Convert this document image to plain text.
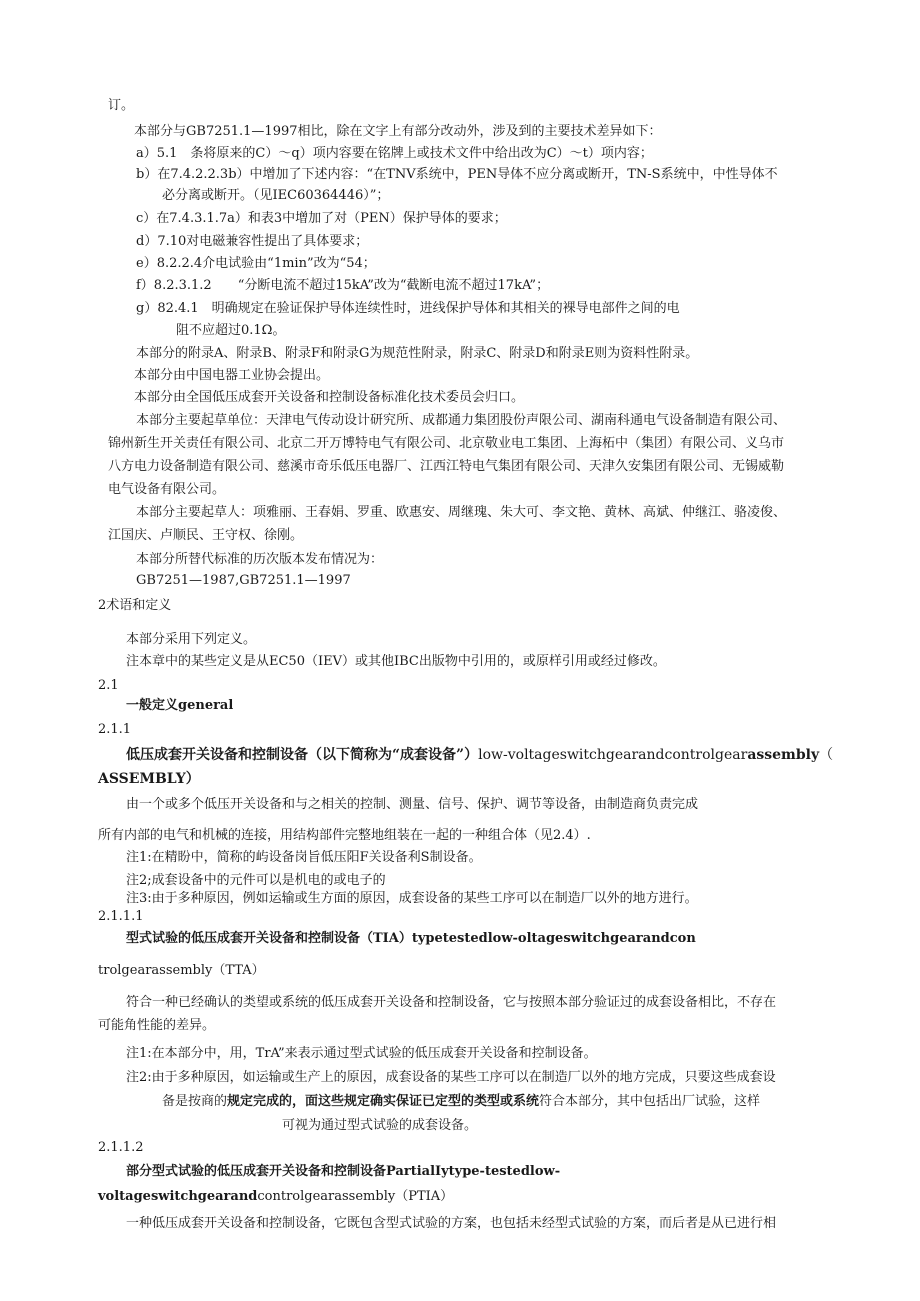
订。
本部分与GB7251.1—1997相比，除在文字上有部分改动外，涉及到的主要技术差异如下：
a）5.1　条将原来的C）～q）项内容要在铭牌上或技术文件中给出改为C）～t）项内容；
b）在7.4.2.2.3b）中增加了下述内容：“在TNV系统中，PEN导体不应分离或断开，TN-S系统中，中性导体不
必分离或断开。（见IEC60364446）”；
c）在7.4.3.1.7a）和表3中增加了对（PEN）保护导体的要求；
d）7.10对电磁兼容性提出了具体要求；
e）8.2.2.4介电试验由“1min”改为“54；
f）8.2.3.1.2　　“分断电流不超过15kA”改为“截断电流不超过17kA”；
g）82.4.1　明确规定在验证保护导体连续性时，进线保护导体和其相关的裸导电部件之间的电
阻不应超过0.1Ω。
本部分的附录A、附录B、附录F和附录G为规范性附录，附录C、附录D和附录E则为资料性附录。
本部分由中国电器工业协会提出。
本部分由全国低压成套开关设备和控制设备标准化技术委员会归口。
本部分主要起草单位：天津电气传动设计研究所、成都通力集团股份声限公司、湖南科通电气设备制造有限公司、
锦州新生开关责任有限公司、北京二开万博特电气有限公司、北京敬业电工集团、上海柘中（集团）有限公司、义乌市
八方电力设备制造有限公司、慈溪市奇乐低压电器厂、江西江特电气集团有限公司、天津久安集团有限公司、无锡威勒
电气设备有限公司。
本部分主要起草人：项雅丽、王春娟、罗重、欧惠安、周继瑰、朱大可、李文艳、黄林、高斌、仲继江、骆凌俊、
江国庆、卢顺民、王守权、徐刚。
本部分所替代标准的历次版本发布情况为：
GB7251—1987,GB7251.1—1997
2术语和定义
本部分采用下列定义。
注本章中的某些定义是从EC50（IEV）或其他IBC出版物中引用的，或原样引用或经过修改。
2.1
一般定义general
2.1.1
低压成套开关设备和控制设备（以下简称为“成套设备”）low-voltageswitchgearandcontrolgearassembly（
ASSEMBLY）
由一个或多个低压开关设备和与之相关的控制、测量、信号、保护、调节等设备，由制造商负责完成
所有内部的电气和机械的连接，用结构部件完整地组装在一起的一种组合体（见2.4）.
注1:在精盼中，简称的屿设备岗旨低压阳F关设备利S制设备。
注2;成套设备中的元件可以是机电的或电子的
注3:由于多种原因，例如运输或生方面的原因，成套设备的某些工序可以在制造厂以外的地方进行。
2.1.1.1
型式试验的低压成套开关设备和控制设备（TIA）typetestedlow-oltageswitchgearandcon
trolgearassembly（TTA）
符合一种已经确认的类望或系统的低压成套开关设备和控制设备，它与按照本部分验证过的成套设备相比，不存在
可能角性能的差异。
注1:在本部分中，用，TrA”来表示通过型式试验的低压成套开关设备和控制设备。
注2:由于多种原因，如运输或生产上的原因，成套设备的某些工序可以在制造厂以外的地方完成，只要这些成套设
备是按商的规定完成的，面这些规定确实保证已定型的类型或系统符合本部分，其中包括出厂试验，这样
可视为通过型式试验的成套设备。
2.1.1.2
部分型式试验的低压成套开关设备和控制设备PartialIytype-testedlow-
voltageswitchgearandcontrolgearassembly（PTIA）
一种低压成套开关设备和控制设备，它既包含型式试验的方案，也包括未经型式试验的方案，而后者是从已进行相
